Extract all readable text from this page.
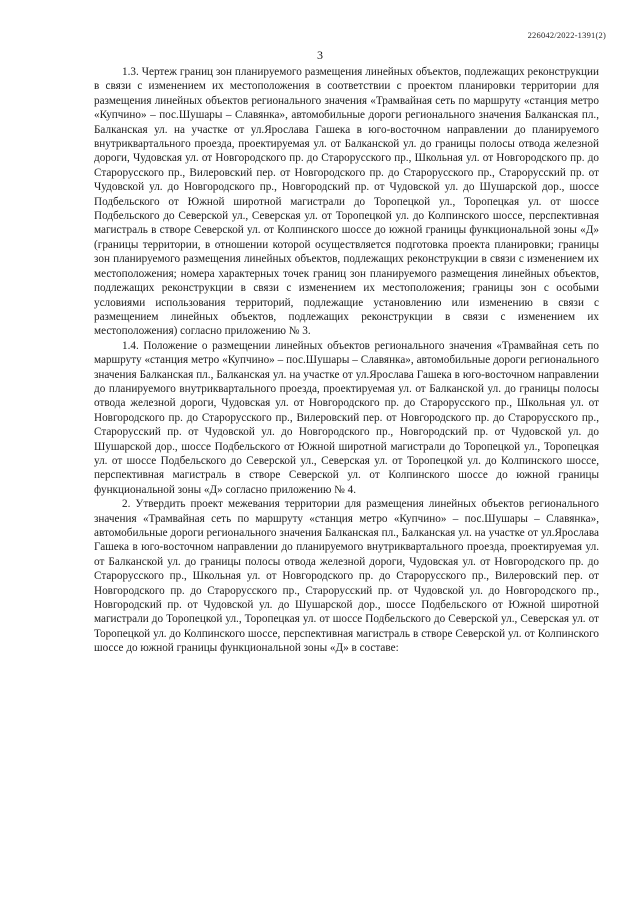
226042/2022-1391(2)
3

1.3. Чертеж границ зон планируемого размещения линейных объектов, подлежащих реконструкции в связи с изменением их местоположения в соответствии с проектом планировки территории для размещения линейных объектов регионального значения «Трамвайная сеть по маршруту «станция метро «Купчино» – пос.Шушары – Славянка», автомобильные дороги регионального значения Балканская пл., Балканская ул. на участке от ул.Ярослава Гашека в юго-восточном направлении до планируемого внутриквартального проезда, проектируемая ул. от Балканской ул. до границы полосы отвода железной дороги, Чудовская ул. от Новгородского пр. до Старорусского пр., Школьная ул. от Новгородского пр. до Старорусского пр., Вилеровский пер. от Новгородского пр. до Старорусского пр., Старорусский пр. от Чудовской ул. до Новгородского пр., Новгородский пр. от Чудовской ул. до Шушарской дор., шоссе Подбельского от Южной широтной магистрали до Торопецкой ул., Торопецкая ул. от шоссе Подбельского до Северской ул., Северская ул. от Торопецкой ул. до Колпинского шоссе, перспективная магистраль в створе Северской ул. от Колпинского шоссе до южной границы функциональной зоны «Д» (границы территории, в отношении которой осуществляется подготовка проекта планировки; границы зон планируемого размещения линейных объектов, подлежащих реконструкции в связи с изменением их местоположения; номера характерных точек границ зон планируемого размещения линейных объектов, подлежащих реконструкции в связи с изменением их местоположения; границы зон с особыми условиями использования территорий, подлежащие установлению или изменению в связи с размещением линейных объектов, подлежащих реконструкции в связи с изменением их местоположения) согласно приложению № 3.

1.4. Положение о размещении линейных объектов регионального значения «Трамвайная сеть по маршруту «станция метро «Купчино» – пос.Шушары – Славянка», автомобильные дороги регионального значения Балканская пл., Балканская ул. на участке от ул.Ярослава Гашека в юго-восточном направлении до планируемого внутриквартального проезда, проектируемая ул. от Балканской ул. до границы полосы отвода железной дороги, Чудовская ул. от Новгородского пр. до Старорусского пр., Школьная ул. от Новгородского пр. до Старорусского пр., Вилеровский пер. от Новгородского пр. до Старорусского пр., Старорусский пр. от Чудовской ул. до Новгородского пр., Новгородский пр. от Чудовской ул. до Шушарской дор., шоссе Подбельского от Южной широтной магистрали до Торопецкой ул., Торопецкая ул. от шоссе Подбельского до Северской ул., Северская ул. от Торопецкой ул. до Колпинского шоссе, перспективная магистраль в створе Северской ул. от Колпинского шоссе до южной границы функциональной зоны «Д» согласно приложению № 4.

2. Утвердить проект межевания территории для размещения линейных объектов регионального значения «Трамвайная сеть по маршруту «станция метро «Купчино» – пос.Шушары – Славянка», автомобильные дороги регионального значения Балканская пл., Балканская ул. на участке от ул.Ярослава Гашека в юго-восточном направлении до планируемого внутриквартального проезда, проектируемая ул. от Балканской ул. до границы полосы отвода железной дороги, Чудовская ул. от Новгородского пр. до Старорусского пр., Школьная ул. от Новгородского пр. до Старорусского пр., Вилеровский пер. от Новгородского пр. до Старорусского пр., Старорусский пр. от Чудовской ул. до Новгородского пр., Новгородский пр. от Чудовской ул. до Шушарской дор., шоссе Подбельского от Южной широтной магистрали до Торопецкой ул., Торопецкая ул. от шоссе Подбельского до Северской ул., Северская ул. от Торопецкой ул. до Колпинского шоссе, перспективная магистраль в створе Северской ул. от Колпинского шоссе до южной границы функциональной зоны «Д» в составе:
